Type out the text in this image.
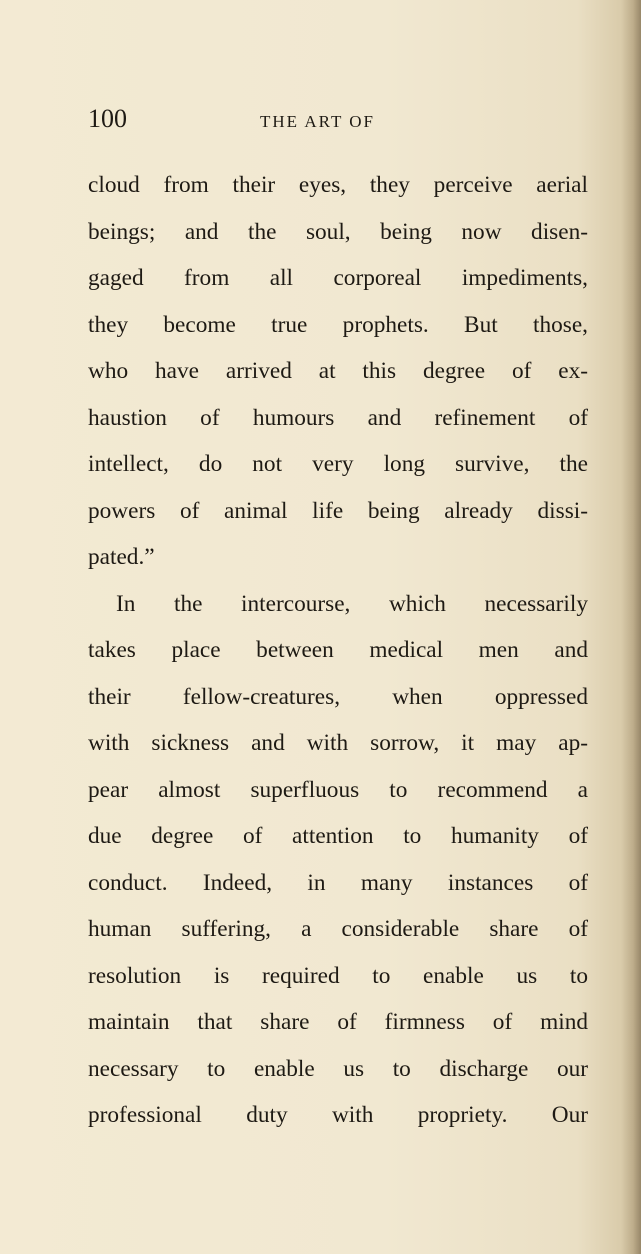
100	THE ART OF
cloud from their eyes, they perceive aerial
beings; and the soul, being now disen-
gaged from all corporeal impediments,
they become true prophets. But those,
who have arrived at this degree of ex-
haustion of humours and refinement of
intellect, do not very long survive, the
powers of animal life being already dissi-
pated.”
In the intercourse, which necessarily
takes place between medical men and
their fellow-creatures, when oppressed
with sickness and with sorrow, it may ap-
pear almost superfluous to recommend a
due degree of attention to humanity of
conduct. Indeed, in many instances of
human suffering, a considerable share of
resolution is required to enable us to
maintain that share of firmness of mind
necessary to enable us to discharge our
professional duty with propriety. Our
